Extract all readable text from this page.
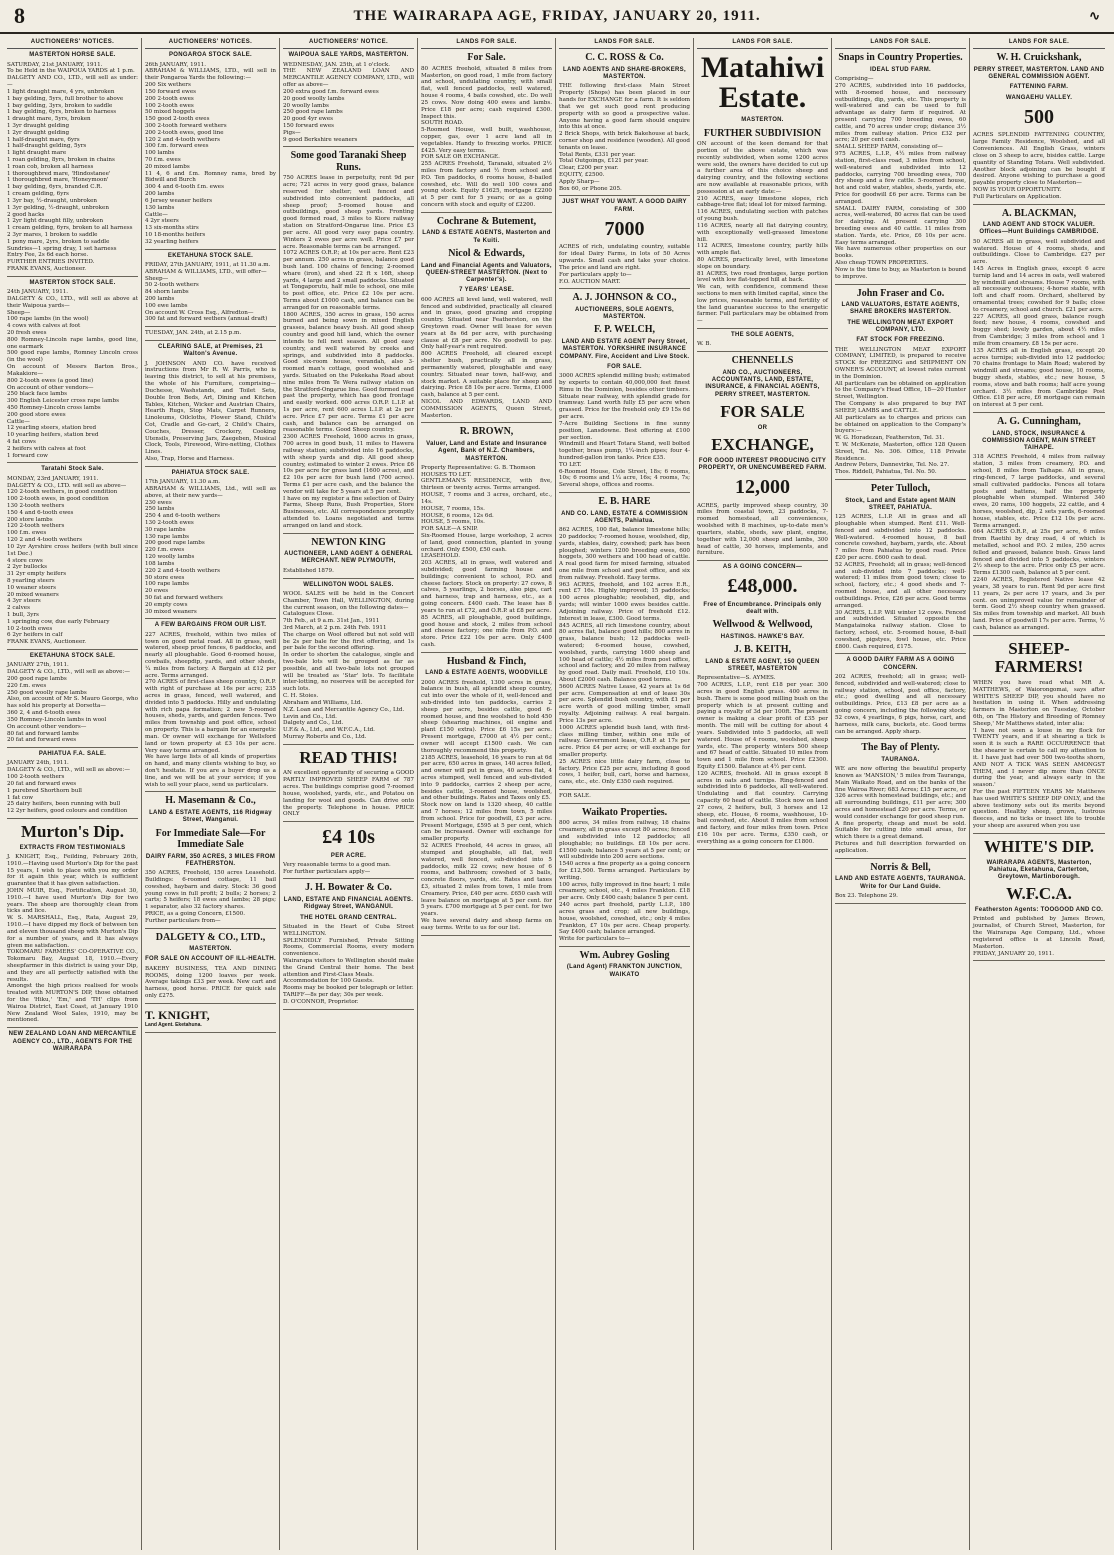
8	THE WAIRARAPA AGE, FRIDAY, JANUARY 20, 1911.	∿
AUCTIONEERS' NOTICES.
MASTERTON HORSE SALE.
SATURDAY, 21st JANUARY, 1911.
To be Held in the WAIPOUA YARDS at 1 p.m.
DALGETY AND CO., LTD., will sell as under:—
1 light draught mare, 4 yrs, unbroken
1 bay gelding, 5yrs, full brother to above
1 bay gelding, 3yrs, broken to saddle
1 bay gelding, 6yrs, broken to harness
1 draught mare, 5yrs, broken
1 3yr draught gelding
1 2yr draught gelding
1 half-draught mare, 6yrs
1 half-draught gelding, 5yrs
1 light draught mare
1 roan gelding, 8yrs, broken in chains
1 roan cob, broken all harness
1 thoroughbred mare, 'Hindostanee'
1 thoroughbred mare, 'Honeymoon'
1 bay gelding, 6yrs, branded C.R.
1 cream gelding, 6yrs
1 3yr bay, ½-draught, unbroken
1 3yr gelding, ½-draught, unbroken
2 good hacks
1 2yr light draught filly, unbroken
1 cream gelding, 6yrs, broken to all harness
2 3yr mares, 1 broken to saddle
1 pony mare, 2yrs, broken to saddle
Sundries—1 spring dray, 1 set harness
Entry Fee, 2s 6d each horse.
FURTHER ENTRIES INVITED.
FRANK EVANS, Auctioneer.
MASTERTON STOCK SALE.
24th JANUARY, 1911.
DALGETY & CO., LTD., will sell as above at their Waipoua yards—
Sheep—
100 rape lambs (in the wool)
4 cows with calves at foot
20 fresh ewes
800 Romney-Lincoln rape lambs, good line, one earmark
500 good rape lambs, Romney Lincoln cross (in the wool)
On account of Messrs Barton Bros., Makakiore—
800 2-tooth ewes (a good line)
On account of other vendors—
250 black face lambs
300 English Leicester cross rape lambs
450 Romney-Lincoln cross lambs
200 good store ewes
Cattle—
12 yearling steers, station bred
10 yearling heifers, station bred
4 fat cows
2 heifers with calves at foot
1 forward cow
Taratahi Stock Sale.
MONDAY, 23rd JANUARY, 1911.
DALGETY & CO., LTD. will sell as above—
120 2-tooth wethers, in good condition
100 2-tooth ewes, in good condition
130 2-tooth wethers
150 4 and 6-tooth ewes
200 store lambs
120 2-tooth wethers
100 f.m. ewes
120 2 and 4-tooth wethers
10 2yr Ayrshire cross heifers (with bull since 1st Dec.)
4 store cows
2 2yr bullocks
31 2yr empty heifers
8 yearling steers
10 weaner steers
20 mixed weaners
4 3yr steers
2 calves
1 bull, 3yrs
1 springing cow, due early February
10 2-tooth ewes
6 2yr heifers in calf
FRANK EVANS, Auctioneer.
EKETAHUNA STOCK SALE.
JANUARY 27th, 1911.
DALGETY & CO., LTD., will sell as above:—
200 good rape lambs
220 f.m. ewes
250 good woolly rape lambs
Also, on account of Mr S. Mauro George, who has sold his property at Dorsetta—
360 2, 4 and 6-tooth ewes
350 Romney-Lincoln lambs in wool
On account other vendors—
80 fat and forward lambs
20 fat and forward ewes
PAHIATUA F.A. SALE.
JANUARY 24th, 1911.
DALGETY & CO., LTD., will sell as above:—
100 2-tooth wethers
20 fat and forward ewes
1 purebred Shorthorn bull
1 fat cow
25 dairy heifers, been running with bull
12 2yr heifers, good colours and condition
Murton's Dip.
EXTRACTS FROM TESTIMONIALS
J. KNIGHT, Esq., Feilding, February 26th, 1910.—Having used Murton's Dip for the past 15 years, I wish to place with you my order for it again this year, which is sufficient guarantee that it has given satisfaction.
JOHN MUIR, Esq., Fortification, August 30, 1910.—I have used Murton's Dip for two years. The sheep are thoroughly clean from ticks and lice.
W. S. MARSHALL, Esq., Rata, August 29, 1910.—I have dipped my flock of between ten and eleven thousand sheep with Murton's Dip for a number of years, and it has always given me satisfaction.
TOKOMARU FARMERS' CO-OPERATIVE CO., Tokomaru Bay, August 18, 1910.—Every sheepfarmer in this district is using your Dip, and they are all perfectly satisfied with the results.
Amongst the high prices realised for wools treated with MURTON'S DIP, those obtained for the 'Hiku,' 'Em,' and 'TH' clips from Wairoa District, East Coast, at January 1910 New Zealand Wool Sales, 1910, may be mentioned.
NEW ZEALAND LOAN AND MERCANTILE AGENCY CO., LTD., AGENTS FOR THE WAIRARAPA
AUCTIONEERS' NOTICES.
PONGAROA STOCK SALE.
26th JANUARY, 1911.
ABRAHAM & WILLIAMS, LTD., will sell in their Pongaroa Yards the following:—
200 Six wethers
150 forward ewes
200 2-tooth ewes
100 2-tooth ewes
50 mixed hoggets
150 good 2-tooth ewes
300 2-tooth forward wethers
200 2-tooth ewes, good line
120 2 and 4-tooth wethers
300 f.m. forward ewes
100 lambs
70 f.m. ewes
20 mixed lambs
11 4, 6 and f.m. Romney rams, bred by Bidwill and Burch
300 4 and 6-tooth f.m. ewes
200 lambs
6 Jersey weaner heifers
130 lambs
Cattle—
4 2yr steers
13 six-months stirs
10 18-months heifers
32 yearling heifers
EKETAHUNA STOCK SALE.
FRIDAY, 27th JANUARY, 1911, at 11.30 a.m.
ABRAHAM & WILLIAMS, LTD., will offer—
Sheep—
50 2-tooth wethers
84 shorn lambs
200 lambs
100 ewe lambs
On account W. Cross Esq., Alfredton—
300 fat and forward wethers (annual draft)
TUESDAY, JAN. 24th, at 2.15 p.m.
CLEARING SALE, at Premises, 21 Walton's Avenue.
J. JOHNSON AND CO. have received instructions from Mr R. W. Parris, who is leaving this district, to sell at his premises, the whole of his Furniture, comprising—Duchesse, Washstands, and Toilet Sets, Double Iron Beds, Art, Dining and Kitchen Tables, Kitchen, Wicker and Austrian Chairs, Hearth Rugs, Stop Mats, Carpet Runners, Linoleums, Oilcloths, Flower Stand, Child's Cot, Cradle and Go-cart, 2 Child's Chairs, Couches, Dresser, Crockery, Cooking Utensils, Preserving Jars, Zaegeben, Musical Clock, Tools, Firewood, Wire-netting, Clothes Lines.
Also, Trap, Horse and Harness.
PAHIATUA STOCK SALE.
17th JANUARY, 11.30 a.m.
ABRAHAM & WILLIAMS, Ltd., will sell as above, at their new yards—
230 ewes
250 lambs
250 4 and 6-tooth wethers
130 2-tooth ewes
30 rape lambs
130 rape lambs
200 good rape lambs
220 f.m. ewes
120 woolly lambs
108 lambs
220 2 and 4-tooth wethers
50 store ewes
100 rape lambs
20 ewes
50 fat and forward wethers
20 empty cows
30 mixed weaners
A FEW BARGAINS FROM OUR LIST.
227 ACRES, freehold, within two miles of town on good metal road. All in grass, well watered, sheep proof fences, 6 paddocks, and nearly all ploughable. Good 6-roomed house, cowbails, sheepdip, yards, and other sheds, ¼ miles from factory. A Bargain at £12 per acre. Terms arranged.
270 ACRES of first-class sheep country, O.R.P. with right of purchase at 16s per acre; 235 acres in grass, fenced, well watered, and divided into 5 paddocks. Hilly and undulating with rich papa formation; 2 new 5-roomed houses, sheds, yards, and garden fences. Two miles from township and post office, school on property. This is a bargain for an energetic man. Or owner will exchange for Wellsford land or town property at £3 10s per acre. Very easy terms arranged.
We have large lists of all kinds of properties on hand, and many clients wishing to buy, so don't hesitate. If you are a buyer drop us a line, and we will be at your service; if you wish to sell your place, send us particulars.
H. Masemann & Co.,
LAND & ESTATE AGENTS, 116 Ridgway Street, Wanganui.
For Immediate Sale—For Immediate Sale
DAIRY FARM, 350 ACRES, 3 MILES FROM FEATHERSTON.
350 ACRES, Freehold, 150 acres Leasehold. Buildings: 6-roomed cottage, 11 bail cowshed, haybarn and dairy. Stock: 36 good young cows in full profit; 2 bulls; 2 horses; 2 carts; 5 heifers; 18 ewes and lambs; 28 pigs; 1 separator, also 32 factory shares.
PRICE, as a going Concern, £1500.
Further particulars from—
DALGETY & CO., LTD.,
MASTERTON.
FOR SALE ON ACCOUNT OF ILL-HEALTH.
BAKERY BUSINESS, TEA AND DINING ROOMS, doing 1200 loaves per week. Average takings £33 per week. New cart and harness, good horse. PRICE for quick sale only £275.
T. KNIGHT,
Land Agent. Eketahuna.
AUCTIONEERS' NOTICE.
WAIPOUA SALE YARDS, MASTERTON.
WEDNESDAY, JAN. 25th, at 1 o'clock.
THE NEW ZEALAND LOAN AND MERCANTILE AGENCY COMPANY, LTD., will offer as above—
200 extra good f.m. forward ewes
20 good woolly lambs
20 woolly lambs
250 good rape lambs
20 good 4yr ewes
150 forward ewes
Pigs—
9 good Berkshire weaners
Some good Taranaki Sheep Runs.
750 ACRES lease in perpetuity, rent 9d per acre; 721 acres in very good grass, balance reserved for shelter; well fenced and subdivided into convenient paddocks, all sheep proof; 5-roomed house and outbuildings, good sheep yards. Fronting good formed road, 3 miles to Kiore railway station on Stratford-Ongarue line. Price £3 per acre. All good very easy papa country. Winters 2 ewes per acre well. Price £7 per acre. Reasonable terms can be arranged.
1072 ACRES O.R.P.; at 10s per acre. Rent £23 per annum. 250 acres in grass, balance good bush land. 100 chains of fencing; 2-roomed whare (iron), and shed 22 ft x 16ft, sheep yards, 4 large and 2 small paddocks. Situated at Tongaporutu, half mile to school, one mile to post office, etc. Price £2 10s per acre. Terms about £1000 cash, and balance can be arranged for on reasonable terms.
1800 ACRES, 350 acres in grass, 150 acres burned and being sown in mixed English grasses, balance heavy bush. All good sheep country and good hill land, which the owner intends to fell next season. All good easy country, and well watered by creeks and springs, and subdivided into 8 paddocks. Good six-room house, verandah, also 3-roomed man's cottage, good woolshed and yards. Situated on the Pukekaha Road about nine miles from Te Wera railway station on the Stratford-Ongarue line. Good formed road past the property, which has good frontage and easily worked. 600 acres O.R.P. L.I.P. at 1s per acre, rent 600 acres L.I.P. at 2s per acre. Price £7 per acre. Terms £1 per acre cash, and balance can be arranged on reasonable terms. Good Sheep country.
2300 ACRES Freehold, 1600 acres in grass, 700 acres in good bush, 11 miles to Hawera railway station; subdivided into 16 paddocks, with sheep yards and dip. All good sheep country, estimated to winter 2 ewes. Price £6 10s per acre for grass land (1600 acres), and £2 10s per acre for bush land (700 acres). Terms £1 per acre cash, and the balance the vendor will take for 5 years at 5 per cent.
I have on my register a fine selection of Dairy Farms, Sheep Runs, Bush Properties, Store Businesses, etc. All correspondence promptly attended to. Loans negotiated and terms arranged on land and stock.
NEWTON KING
AUCTIONEER, LAND AGENT & GENERAL MERCHANT. NEW PLYMOUTH,
Established 1879.
WELLINGTON WOOL SALES.
WOOL SALES will be held in the Concert Chamber, Town Hall, WELLINGTON, during the current season, on the following dates—
Catalogues Close.
7th Feb., at 9 a.m. 31st Jan., 1911
3rd March, at 2 p.m. 24th Feb. 1911
The charge on Wool offered but not sold will be 2s per bale for the first offering, and 1s per bale for the second offering.
In order to shorten the catalogue, single and two-bale lots will be grouped as far as possible, and all two-bale lots not grouped will be treated as 'Star' lots. To facilitate inter-lotting, no reserves will be accepted for such lots.
C. H. Stoies.
Abraham and Williams, Ltd.
N.Z. Loan and Mercantile Agency Co., Ltd.
Levin and Co., Ltd.
Dalgety and Co., Ltd.
U.F.& A., Ltd., and W.F.C.A., Ltd.
Murray Roberts and Co., Ltd.
READ THIS!
AN excellent opportunity of securing a GOOD PARTLY IMPROVED SHEEP FARM of 787 acres. The buildings comprise good 7-roomed house, woolshed, yards, etc., and Potatou on landing for wool and goods. Can drive onto the property. Telephone in house. PRICE ONLY
£4 10s
PER ACRE.
Very reasonable terms to a good man.
For further particulars apply—
J. H. Bowater & Co.
LAND, ESTATE AND FINANCIAL AGENTS. Ridgway Street, WANGANUI.
THE HOTEL GRAND CENTRAL.
Situated in the Heart of Cuba Street WELLINGTON.
SPLENDIDLY Furnished, Private Sitting Rooms, Commercial Rooms, every modern convenience.
Wairarapa visitors to Wellington should make the Grand Central their home. The best attention and First-Class Meals.
Accommodation for 100 Guests.
Rooms may be booked per telegraph or letter.
TARIFF—8s per day; 30s per week.
D. O'CONNOR, Proprietor.
LANDS FOR SALE.
For Sale.
80 ACRES freehold, situated 8 miles from Masterton, on good road, 1 mile from factory and school, undulating country, with small flat, well fenced paddocks, well watered, house 4 rooms, 4 bails cowshed, etc. Do well 25 cows. Now doing 400 ewes and lambs. Price £18 per acre; cash required £300. Inspect this.
SOUTH ROAD.
5-Roomed House, well built, washhouse, copper, gas, over 1 acre land all in vegetables. Handy to freezing works. PRICE £425. Very easy terms.
FOR SALE OR EXCHANGE.
255 ACRES Freehold, Taranaki, situated 2½ miles from factory and ½ from school and P.O. Ten paddocks, 6 rooms house, 8-bailed cowshed, etc. Will do well 100 cows and young stock. Equity £1625, mortgage £2200 at 5 per cent for 5 years; or as a going concern with stock and equity of £2200.
Cochrane & Butement,
LAND & ESTATE AGENTS, Masterton and Te Kuiti.
Nicol & Edwards,
Land and Financial Agents and Valuators, QUEEN-STREET MASTERTON. (Next to Carpenter's).
7 YEARS' LEASE.
600 ACRES all level land, well watered, well fenced and subdivided, practically all cleared and in grass, good grazing and cropping country. Situated near Featherston, on the Greytown road. Owner will lease for seven years at 8s 6d per acre, with purchasing clause at £8 per acre. No goodwill to pay. Only half-year's rent required.
800 ACRES Freehold, all cleared except shelter bush, practically all in grass, permanently watered, ploughable and easy country. Situated near town, half-way, and stock market. A suitable place for sheep and dairying. Price £8 10s per acre. Terms, £1000 cash, balance at 5 per cent.
NICOL AND EDWARDS, LAND AND COMMISSION AGENTS, Queen Street, Masterton.
R. BROWN,
Valuer, Land and Estate and Insurance Agent, Bank of N.Z. Chambers, MASTERTON.
Property Representative: G. B. Thomson
HOUSES TO LET.
GENTLEMAN'S RESIDENCE, with five, thirteen or twenty acres. Terms arranged.
HOUSE, 7 rooms and 3 acres, orchard, etc., 14s.
HOUSE, 7 rooms, 15s.
HOUSE, 6 rooms, 12s 6d.
HOUSE, 5 rooms, 10s.
FOR SALE—A SNIP.
Six-Roomed House, large workshop, 2 acres of land, good connection, planted in young orchard. Only £500, £50 cash.
LEASEHOLD.
203 ACRES, all in grass, well watered and subdivided; good farming house and buildings; convenient to school, P.O. and cheese factory. Stock on property: 27 cows, 8 calves, 5 yearlings, 2 horses, also pigs, cart and harness, trap and harness, etc., as a going concern. £400 cash. The lease has 8 years to run at £72, and O.R.P. at £8 per acre.
85 ACRES, all ploughable, good buildings, good house and stock, 2 miles from school and cheese factory; one mile from P.O. and store. Price £22 10s per acre. Only £400 cash.
Husband & Finch,
LAND & ESTATE AGENTS, WOODVILLE
2000 ACRES freehold, 1300 acres in grass, balance in bush, all splendid sheep country, cut into over the whole of it, well-fenced and sub-divided into ten paddocks, carries 2 sheep per acre, besides cattle, good 6-roomed house, and fine woolshed to hold 450 sheep (shearing machines, oil engine and plant £150 extra). Price £6 15s per acre. Present mortgage, £7000 at 4½ per cent.; owner will accept £1500 cash. We can thoroughly recommend this property.
2185 ACRES, leasehold, 16 years to run at 6d per acre, 650 acres in grass, 140 acres felled, and owner will put in grass, 40 acres flat, 4 acres stumped, well fenced and sub-divided into 9 paddocks, carries 2 sheep per acre, besides cattle, 3-roomed house, woolshed, and other buildings. Rates and Taxes only £5.
Stock now on land is 1320 sheep, 40 cattle and 7 horses; 12 miles from town, 5 miles from school. Price for goodwill, £3 per acre. Present Mortgage, £595 at 5 per cent, which can be increased. Owner will exchange for smaller property.
52 ACRES Freehold, 44 acres in grass, all stumped and ploughable, all flat, well watered, well fenced, sub-divided into 5 paddocks, milk 22 cows; new house of 6 rooms, and bathroom; cowshed of 3 bails, concrete floors, yards, etc. Rates and taxes £3, situated 2 miles from town, 1 mile from Creamery. Price, £40 per acre. £650 cash will leave balance on mortgage at 5 per cent. for 5 years. £700 mortgage at 5 per cent. for two years.
We have several dairy and sheep farms on easy terms. Write to us for our list.
LANDS FOR SALE.
C. C. ROSS & Co.
LAND AGENTS AND SHARE-BROKERS, MASTERTON.
THE following first-class Main Street Property (Shops) has been placed in our hands for EXCHANGE for a farm. It is seldom that we get such good rent producing property with so good a prospective value. Anyone having a good farm should enquire into this at once.
2 Brick Shops, with brick Bakehouse at back, corner shop and residence (wooden). All good tenants on lease.
Total Rents, £331 per year.
Total Outgoings, £121 per year.
Clear, £200 per year.
EQUITY, £2500.
Apply Sharp—
Box 60, or Phone 205.
JUST WHAT YOU WANT. A GOOD DAIRY FARM.
7000
ACRES of rich, undulating country, suitable for ideal Dairy Farms, in lots of 50 Acres upwards. Small cash and take your choice. The price and land are right.
For particulars apply to—
F.O. AUCTION MART.
A. J. JOHNSON & CO.,
AUCTIONEERS, SOLE AGENTS, MASTERTON.
F. P. WELCH,
LAND AND ESTATE AGENT Perry Street, MASTERTON. YORKSHIRE INSURANCE COMPANY. Fire, Accident and Live Stock.
FOR SALE.
3000 ACRES splendid milling bush; estimated by experts to contain 40,000,000 feet finest Rimu in the Dominion, besides other timbers. Situate near railway, with splendid grade for tramway. Land worth fully £5 per acre when grassed. Price for the freehold only £9 15s 6d per acre.
7-Acre Building Sections in fine sunny position, Lansdowne. Best offering at £100 per section.
Windmill and Heart Totara Stand, well bolted together, brass pump, 1¼-inch pipes; four 4-hundred-gallon iron tanks. Price £35.
TO LET.
6-Roomed House, Cole Street, 18s; 6 rooms, 10s; 6 rooms and 1¼ acre, 16s; 4 rooms, 7s; Several shops, offices and rooms.
E. B. HARE
AND CO. LAND, ESTATE & COMMISSION AGENTS, Pahiatua.
862 ACRES, 100 flat, balance limestone hills; 20 paddocks; 7-roomed house, woolshed, dip, yards, stables, dairy, cowshed; park has been ploughed; winters 1200 breeding ewes, 600 hoggets, 300 wethers and 100 head of cattle. A real good farm for mixed farming, situated one mile from school and post office, and six from railway. Freehold. Easy terms.
963 ACRES, freehold, and 102 acres E.R., rent £7 16s. Highly improved; 15 paddocks; 100 acres ploughable; woolshed, dip, and yards; will winter 1000 ewes besides cattle. Adjoining railway. Price of freehold £12. Interest in lease, £300. Good terms.
845 ACRES, all rich limestone country, about 80 acres flat, balance good hills; 800 acres in grass, balance bush; 12 paddocks well-watered; 6-roomed house, cowshed, woolshed, yards, carrying 1600 sheep and 100 head of cattle; 4½ miles from post office, school and factory, and 20 miles from railway by good road. Daily mail. Freehold, £10 10s. About £2000 cash. Balance good terms.
5600 ACRES Native Lease, 42 years at 1s 6d per acre. Compensation at end of lease 30s per acre. Splendid bush country, with £1 per acre worth of good milling timber, small royalty. Adjoining railway. A real bargain. Price 13s per acre.
1000 ACRES splendid bush land, with first-class milling timber, within one mile of railway. Government lease, O.R.P. at 17s per acre. Price £4 per acre; or will exchange for smaller property.
25 ACRES nice little dairy farm, close to factory. Price £25 per acre, including 8 good cows, 1 heifer, bull, cart, horse and harness, cans, etc., etc. Only £350 cash required.
FOR SALE.
Waikato Properties.
800 acres, 34 miles from railway, 18 chains creamery, all in grass except 80 acres; fenced and subdivided into 12 paddocks; all ploughable; no buildings. £8 10s per acre. £1500 cash; balance 5 years at 5 per cent; or will subdivide into 200 acre sections.
1540 acres a fine property as a going concern for £12,500. Terms arranged. Particulars by writing.
100 acres, fully improved in fine heart; 1 mile creamery, school, etc., 4 miles Frankton. £18 per acre. Only £400 cash; balance 5 per cent.
240 acres part freehold, partly L.I.P., 180 acres grass and crop; all new buildings, house, woolshed, cowshed, etc.; only 4 miles Frankton, £7 10s per acre. Cheap property. Say £400 cash; balance arranged.
Write for particulars to—
Wm. Aubrey Gosling
(Land Agent) FRANKTON JUNCTION, WAIKATO
LANDS FOR SALE.
Matahiwi Estate.
MASTERTON.
FURTHER SUBDIVISION
ON account of the keen demand for that portion of the above estate, which was recently subdivided, when some 1200 acres were sold, the owners have decided to cut up a further area of this choice sheep and dairying country, and the following sections are now available at reasonable prices, with possession at an early date:—
210 ACRES, easy limestone slopes, rich cabbage-tree flat; ideal lot for mixed farming.
116 ACRES, undulating section with patches of young bush.
116 ACRES, nearly all flat dairying country, with exceptionally well-grassed limestone hill.
112 ACRES, limestone country, partly hills with ample flat.
80 ACRES, practically level, with limestone slope on boundary.
81 ACRES, two road frontages, large portion level with low flat-topped hill at back.
We can, with confidence, commend these sections to men with limited capital, since the low prices, reasonable terms, and fertility of the land guarantee success to the energetic farmer. Full particulars may be obtained from—
THE SOLE AGENTS,
W. B.
CHENNELLS
AND CO., AUCTIONEERS, ACCOUNTANTS, LAND, ESTATE, INSURANCE, & FINANCIAL AGENTS, PERRY STREET, MASTERTON.
FOR SALE
OR
EXCHANGE,
FOR GOOD INTEREST PRODUCING CITY PROPERTY, OR UNENCUMBERED FARM.
12,000
ACRES, partly improved sheep country, 30 miles from coastal town, 23 paddocks, 7-roomed homestead, all conveniences, woolshed with 8 machines, up-to-date men's quarters, stable, sheds, saw plant, engine, together with 12,000 sheep and lambs, 300 head of cattle, 30 horses, implements, and furniture.
AS A GOING CONCERN—
£48,000.
Free of Encumbrance. Principals only dealt with.
Wellwood & Wellwood,
HASTINGS. HAWKE'S BAY.
J. B. KEITH,
LAND & ESTATE AGENT, 150 QUEEN STREET, MASTERTON
Representative—S. AYMES.
700 ACRES, L.I.P., rent £18 per year. 300 acres in good English grass. 400 acres in bush. There is some good milling bush on the property which is at present cutting and paying a royalty of 3d per 100ft. The present owner is making a clear profit of £35 per month. The mill will be cutting for about 4 years. Subdivided into 5 paddocks, all well watered. House of 4 rooms, woolshed, sheep yards, etc. The property winters 500 sheep and 67 head of cattle. Situated 10 miles from town and 1 mile from school. Price £2300. Equity £1500. Balance at 4½ per cent.
120 ACRES, freehold. All in grass except 8 acres in oats and turnips. Ring-fenced and subdivided into 6 paddocks, all well-watered. Undulating and flat country. Carrying capacity 60 head of cattle. Stock now on land 27 cows, 2 heifers, bull, 3 horses and 12 sheep, etc. House, 6 rooms, washhouse, 10-bail cowshed, etc. About 8 miles from school and factory, and four miles from town. Price £16 10s per acre. Terms, £350 cash, or everything as a going concern for £1800.
LANDS FOR SALE.
Snaps in Country Properties.
IDEAL STUD FARM.
Comprising—
270 ACRES, subdivided into 16 paddocks, with 8-roomed house, and necessary outbuildings, dip, yards, etc. This property is well-watered and can be used to full advantage as dairy farm if required. At present carrying 700 breeding ewes, 60 cattle, and 70 acres under crop; distance 3½ miles from railway station. Price £32 per acre; 20 per cent cash.
SMALL SHEEP FARM, consisting of—
975 ACRES, L.I.P., 4½ miles from railway station, first-class road, 3 miles from school, well-watered and subdivided into 12 paddocks, carrying 700 breeding ewes, 700 dry sheep and a few cattle. 5-roomed house, hot and cold water, stables, sheds, yards, etc. Price for goodwill £6 per acre. Terms can be arranged.
SMALL DAIRY FARM, consisting of 300 acres, well-watered, 80 acres flat can be used for dairying. At present carrying 300 breeding ewes and 40 cattle. 11 miles from station. Yards, etc. Price, £6 10s per acre. Easy terms arranged.
We have numerous other properties on our books.
Also cheap TOWN PROPERTIES.
Now is the time to buy, as Masterton is bound to improve.
John Fraser and Co.
LAND VALUATORS, ESTATE AGENTS, SHARE BROKERS MASTERTON.
THE WELLINGTON MEAT EXPORT COMPANY, LTD.
FAT STOCK FOR FREEZING.
THE WELLINGTON MEAT EXPORT COMPANY, LIMITED, is prepared to receive STOCK for FREEZING and SHIPMENT ON OWNER'S ACCOUNT, at lowest rates current in the Dominion.
All particulars can be obtained on application to the Company's Head Office, 18—20 Hunter Street, Wellington.
The Company is also prepared to buy FAT SHEEP, LAMBS and CATTLE.
All particulars as to charges and prices can be obtained on application to the Company's buyers:—
W. G. Horadezan, Featherston, Tel. 31.
T. W. McKenzie, Masterton, office 128 Queen Street, Tel. No. 306. Office, 118 Private Residence.
Andrew Peters, Dannevirke, Tel. No. 27.
Thos. Riddell, Pahiatua, Tel. No. 50.
Peter Tulloch,
Stock, Land and Estate agent MAIN STREET, PAHIATUA.
125 ACRES, L.I.P. All in grass and all ploughable when stumped. Rent £11. Well-fenced and subdivided into 12 paddocks. Well-watered. 4-roomed house, 8 bail concrete cowshed, haybarn, yards, etc. About 7 miles from Pahiatua by good road. Price £20 per acre. £600 cash to deal.
52 ACRES, Freehold; all in grass; well-fenced and sub-divided into 7 paddocks; well-watered; 11 miles from good town; close to school, factory, etc.; 4 good sheds and 7-roomed house, and all other necessary outbuildings. Price, £26 per acre. Good terms arranged.
30 ACRES, L.I.P. Will winter 12 cows. Fenced and subdivided. Situated opposite the Mangatainoka railway station. Close to factory, school, etc. 5-roomed house, 8-bail cowshed, pigstyes, fowl house, etc. Price £800. Cash required, £175.
A GOOD DAIRY FARM AS A GOING CONCERN.
202 ACRES, freehold; all in grass; well-fenced, subdivided and well-watered; close to railway station, school, post office, factory, etc.; good dwelling and all necessary outbuildings. Price, £13 £8 per acre as a going concern, including the following stock; 52 cows, 4 yearlings, 6 pigs, horse, cart, and harness, milk cans, buckets, etc. Good terms can be arranged. Apply sharp.
The Bay of Plenty.
TAURANGA.
WE are now offering the beautiful property known as 'MANSION,' 5 miles from Tauranga, Main Waikato Road, and on the banks of the fine Wairoa River; 683 Acres; £15 per acre, or 326 acres with homestead buildings, etc.; and all surrounding buildings, £11 per acre; 300 acres and homestead £20 per acre. Terms, or would consider exchange for good sheep run.
A fine property, cheap and must be sold. Suitable for cutting into small areas, for which there is a great demand.
Pictures and full description forwarded on application.
Norris & Bell,
LAND AND ESTATE AGENTS, TAURANGA. Write for Our Land Guide.
Box 23. Telephone 29.
LANDS FOR SALE.
W. H. Cruickshank,
PERRY STREET, MASTERTON. LAND AND GENERAL COMMISSION AGENT.
FATTENING FARM.
WANGAEHU VALLEY.
500
ACRES SPLENDID FATTENING COUNTRY, large Family Residence, Woolshed, and all Conveniences. All English Grass, winters close on 3 sheep to acre, bisides cattle. Large quantity of Standing Totara. Well subdivided. Another block adjoining can be bought if desired. Anyone wishing to purchase a good payable property close to Masterton—
NOW IS YOUR OPPORTUNITY.
Full Particulars on Application.
A. BLACKMAN,
LAND AGENT AND STOCK VALUER. Offices—Hunt Buildings CAMBRIDGE.
50 ACRES all in grass, well subdivided and watered. House of 4 rooms, sheds, and outbuildings. Close to Cambridge. £27 per acre.
145 Acres in English grass, except 6 acre turnip land and 14 acres in oats, well watered by windmill and streams. House 7 rooms, with all necessary outhouses; 4-horse stable, with loft and chaff room. Orchard, sheltered by ornamental trees; cowshed for 9 bails; close to creamery, school and church. £21 per acre.
227 ACRES, all good grass, balance rough feed; new house, 4 rooms, cowshed and buggy shed; lovely garden, about 4½ miles from Cambridge; 3 miles from school and 1 mile from creamery. £8 15s per acre.
135 ACRES all in English grass, except 20 acres turnips; sub-divided into 12 paddocks; 70 chains frontage to Main Road; watered by windmill and streams; good house, 10 rooms, buggy sheds, stables, etc.; new house, 5 rooms, stove and bath rooms; half acre young orchard. 3½ miles from Cambridge Post Office. £18 per acre, £6 mortgage can remain on interest at 5 per cent.
A. G. Cunningham,
LAND, STOCK, INSURANCE & COMMISSION AGENT, MAIN STREET TAIHAPE.
318 ACRES Freehold, 4 miles from railway station, 3 miles from creamery, P.O. and school, 8 miles from Taihape. All in grass, ring-fenced, 7 large paddocks, and several small cultivated paddocks. Fences all totara posts and battens, half the property ploughable when stumped. Wintered 340 ewes, 20 rams, 100 hoggets, 22 cattle, and 4 horses, woolshed, dip, 2 sets yards, 6-roomed house, stables, etc. Price £12 10s per acre. Terms arranged.
664 ACRES O.R.P., at 25s per acre, 6 miles from Raetihi by dray road, 4 of which is metalled, school and P.O. 2 miles, 250 acres felled and grassed, balance bush. Grass land fenced and divided into 5 paddocks, winters 2½ sheep to the acre. Price only £5 per acre. Terms £1300 cash, balance at 5 per cent.
2240 ACRES, Registered Native lease 42 years, 38 years to run. Rent 9d per acre first 11 years, 2s per acre 17 years, and 3s per cent. on unimproved value for remainder of term. Good 2½ sheep country when grassed. Six miles from township and market. All bush land. Price of goodwill 17s per acre. Terms, ½ cash, balance as arranged.
SHEEP-FARMERS!
WHEN you have read what MR A. MATTHEWS, of Waiorongomai, says after WHITE'S SHEEP DIP, you should have no hesitation in using it. When addressing farmers in Masterton on Tuesday, October 6th, on 'The History and Breeding of Romney Sheep,' Mr Matthews stated, inter alia:
'I have not seen a louse in my flock for TWENTY years, and if at shearing a tick is seen it is such a RARE OCCURRENCE that the shearer is certain to call my attention to it. I have just had over 500 two-tooths shorn, AND NOT A TICK WAS SEEN AMONGST THEM, and I never dip more than ONCE during the year, and always early in the season.'
For the past FIFTEEN YEARS Mr Matthews has used WHITE'S SHEEP DIP ONLY, and the above testimony sets out its merits beyond question. Healthy sheep, grown, lustrous fleeces, and no ticks or insect life to trouble your sheep are assured when you use
WHITE'S DIP.
WAIRARAPA AGENTS, Masterton, Pahiatua, Eketahuna, Carterton, Greytown, Martinborough.
W.F.C.A.
Featherston Agents: TOOGOOD AND CO.
Printed and published by James Brown, journalist, of Church Street, Masterton, for the Wairarapa Age Company, Ltd., whose registered office is at Lincoln Road, Masterton.
FRIDAY, JANUARY 20, 1911.
